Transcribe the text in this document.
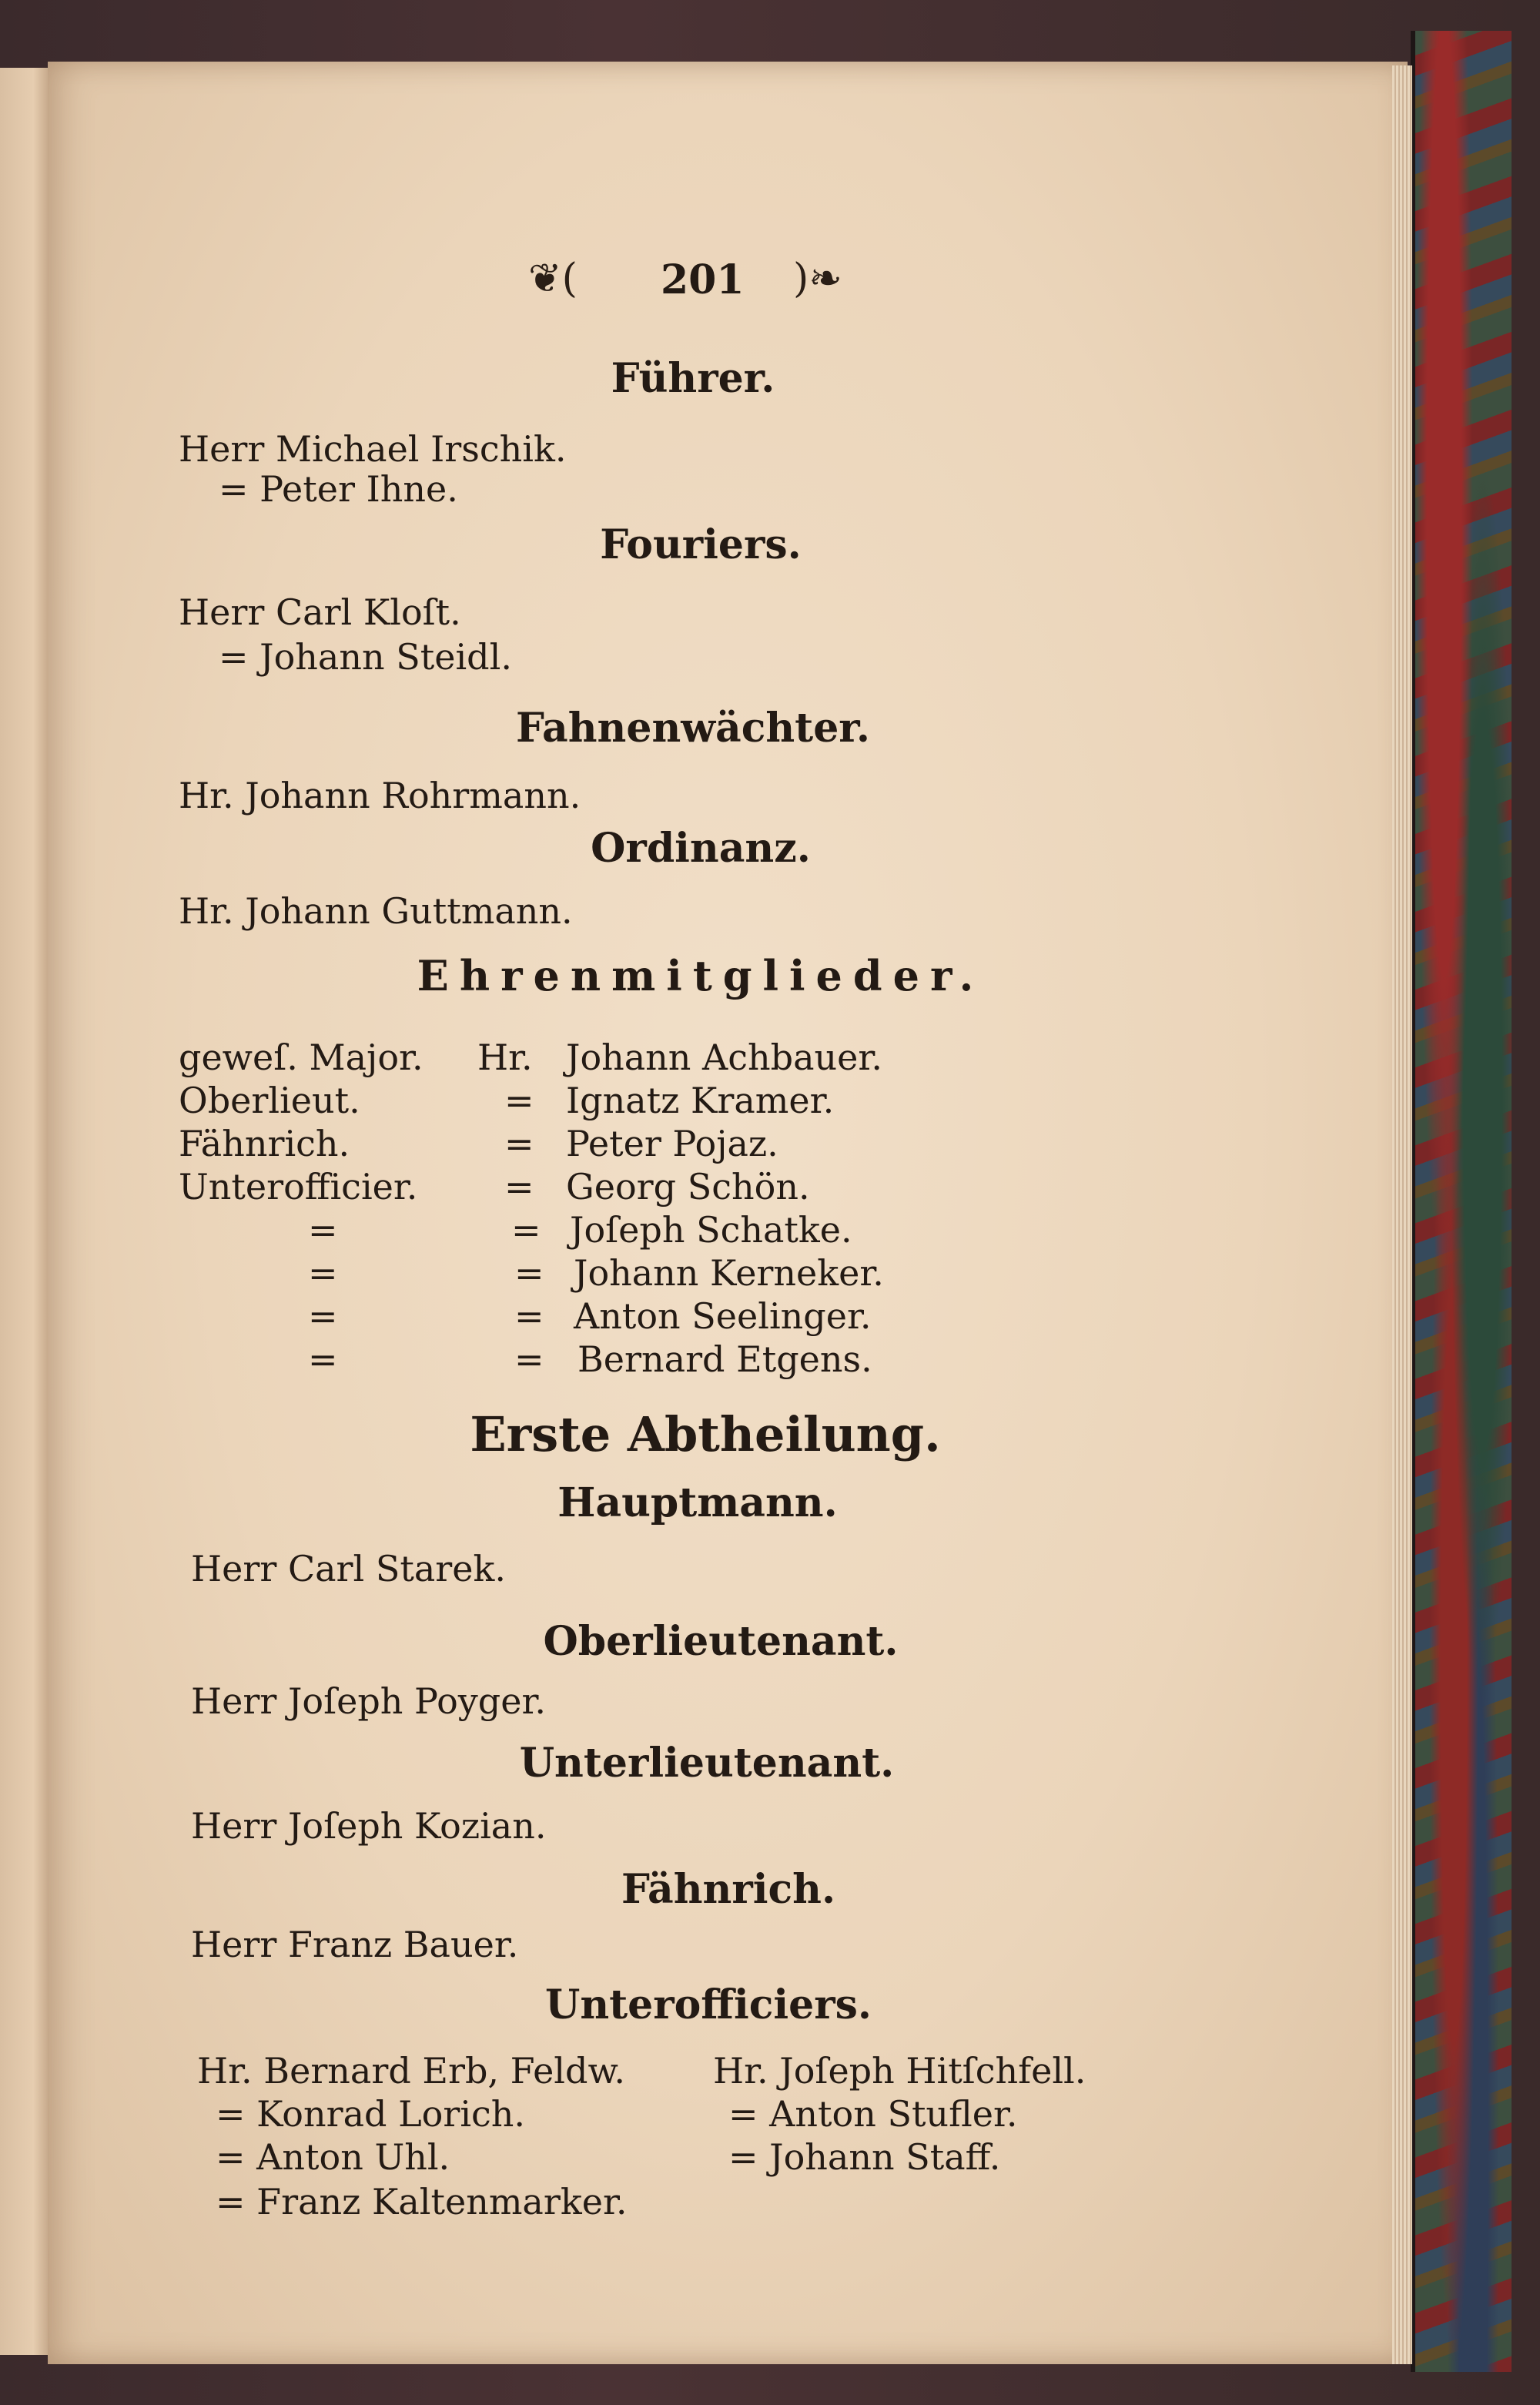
❦( 201 )❧
Führer.
Herr Michael Irschik.
= Peter Ihne.
Fouriers.
Herr Carl Kloſt.
= Johann Steidl.
Fahnenwächter.
Hr. Johann Rohrmann.
Ordinanz.
Hr. Johann Guttmann.
Ehrenmitglieder.
geweſ. Major.
Oberlieut.
Fähnrich.
Unterofficier.
=
=
=
=
Hr.
=
=
=
=
=
=
=
Johann Achbauer.
Ignatz Kramer.
Peter Pojaz.
Georg Schön.
Joſeph Schatke.
Johann Kerneker.
Anton Seelinger.
Bernard Etgens.
Erste Abtheilung.
Hauptmann.
Herr Carl Starek.
Oberlieutenant.
Herr Joſeph Poyger.
Unterlieutenant.
Herr Joſeph Kozian.
Fähnrich.
Herr Franz Bauer.
Unterofficiers.
Hr. Bernard Erb, Feldw.
= Konrad Lorich.
= Anton Uhl.
= Franz Kaltenmarker.
Hr. Joſeph Hitſchfell.
= Anton Stufler.
= Johann Staff.
